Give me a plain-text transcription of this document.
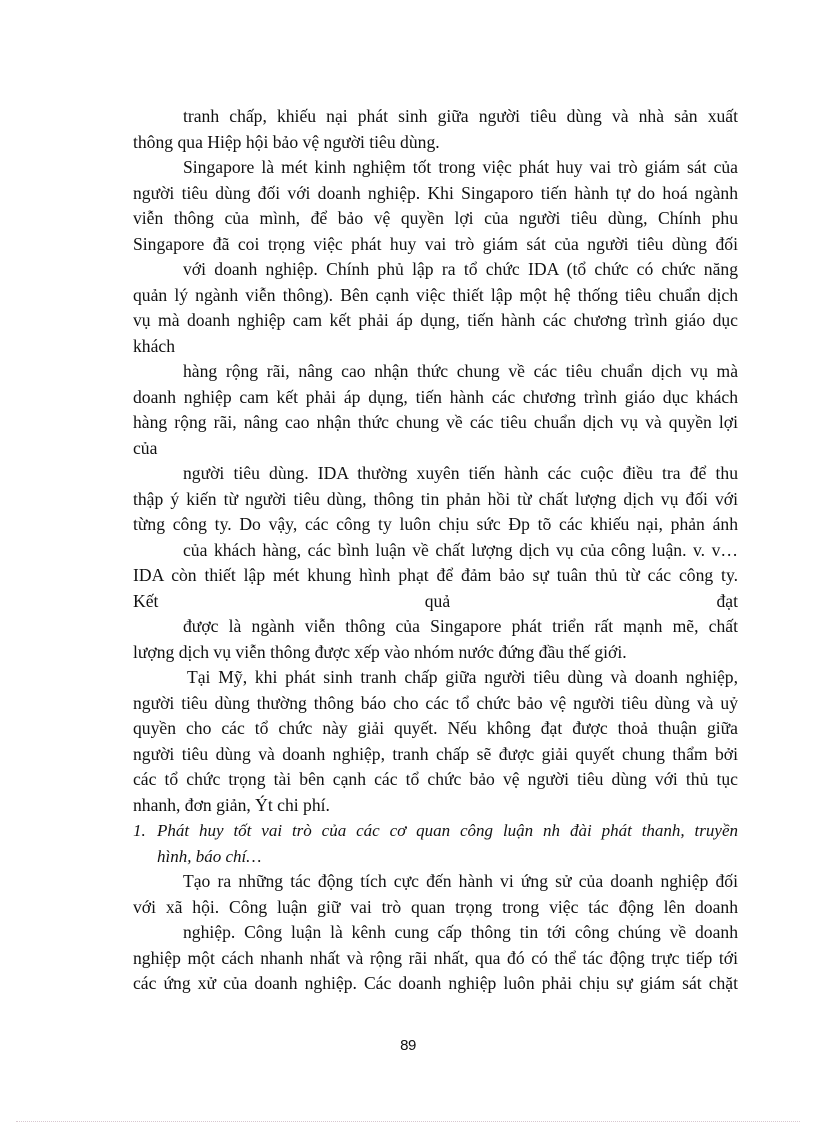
tranh chấp, khiếu nại phát sinh giữa người tiêu dùng và nhà sản xuất
thông qua Hiệp hội bảo vệ người tiêu dùng.
Singapore là mét kinh nghiệm tốt trong việc phát huy vai trò giám sát của
người tiêu dùng đối với doanh nghiệp. Khi Singaporo tiến hành tự do hoá ngành
viễn thông của mình, để bảo vệ quyền lợi của người tiêu dùng, Chính phu
Singapore đã coi trọng việc phát huy vai trò giám sát của người tiêu dùng đối
với doanh nghiệp. Chính phủ lập ra tổ chức IDA (tổ chức có chức năng
quản lý ngành viễn thông). Bên cạnh việc thiết lập một hệ thống tiêu chuẩn dịch
vụ mà doanh nghiệp cam kết phải áp dụng, tiến hành các chương trình giáo dục
khách
hàng rộng rãi, nâng cao nhận thức chung về các tiêu chuẩn dịch vụ mà
doanh nghiệp cam kết phải áp dụng, tiến hành các chương trình giáo dục khách
hàng rộng rãi, nâng cao nhận thức chung về các tiêu chuẩn dịch vụ và quyền lợi
của
người tiêu dùng. IDA thường xuyên tiến hành các cuộc điều tra để thu
thập ý kiến từ người tiêu dùng, thông tin phản hồi từ chất lượng dịch vụ đối với
từng công ty. Do vậy, các công ty luôn chịu sức Ðp tõ các khiếu nại, phản ánh
của khách hàng, các bình luận về chất lượng dịch vụ của công luận. v. v…
IDA còn thiết lập mét khung hình phạt để đảm bảo sự tuân thủ từ các công ty.
Kết quả đạt
được là ngành viễn thông của Singapore phát triển rất mạnh mẽ, chất
lượng dịch vụ viễn thông được xếp vào nhóm nước đứng đầu thế giới.
Tại Mỹ, khi phát sinh tranh chấp giữa người tiêu dùng và doanh nghiệp,
người tiêu dùng thường thông báo cho các tổ chức bảo vệ người tiêu dùng và uỷ
quyền cho các tổ chức này giải quyết. Nếu không đạt được thoả thuận giữa
người tiêu dùng và doanh nghiệp, tranh chấp sẽ được giải quyết chung thẩm bởi
các tổ chức trọng tài bên cạnh các tổ chức bảo vệ người tiêu dùng với thủ tục
nhanh, đơn giản, Ýt chi phí.
1. Phát huy tốt vai trò của các cơ quan công luận nh đài phát thanh, truyền
hình, báo chí…
Tạo ra những tác động tích cực đến hành vi ứng sử của doanh nghiệp đối
với xã hội. Công luận giữ vai trò quan trọng trong việc tác động lên doanh
nghiệp. Công luận là kênh cung cấp thông tin tới công chúng về doanh
nghiệp một cách nhanh nhất và rộng rãi nhất, qua đó có thể tác động trực tiếp tới
các ứng xử của doanh nghiệp. Các doanh nghiệp luôn phải chịu sự giám sát chặt
89
